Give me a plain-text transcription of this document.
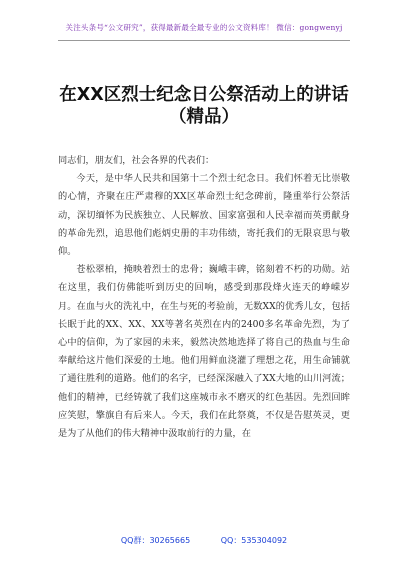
关注头条号“公文研究”，获得最新最全最专业的公文资料库！ 微信：gongwenyj
在XX区烈士纪念日公祭活动上的讲话
（精品）

同志们，朋友们，社会各界的代表们：

今天，是中华人民共和国第十二个烈士纪念日。我们怀着无比崇敬的心情，齐聚在庄严肃穆的XX区革命烈士纪念碑前，隆重举行公祭活动，深切缅怀为民族独立、人民解放、国家富强和人民幸福而英勇献身的革命先烈，追思他们彪炳史册的丰功伟绩，寄托我们的无限哀思与敬仰。

苍松翠柏，掩映着烈士的忠骨；巍峨丰碑，铭刻着不朽的功勋。站在这里，我们仿佛能听到历史的回响，感受到那段烽火连天的峥嵘岁月。在血与火的洗礼中，在生与死的考验前，无数XX的优秀儿女，包括长眠于此的XX、XX、XX等著名英烈在内的2400多名革命先烈，为了心中的信仰，为了家园的未来，毅然决然地选择了将自己的热血与生命奉献给这片他们深爱的土地。他们用鲜血浇灌了理想之花，用生命铺就了通往胜利的道路。他们的名字，已经深深融入了XX大地的山川河流；他们的精神，已经铸就了我们这座城市永不磨灭的红色基因。先烈回眸应笑慰，擎旗自有后来人。今天，我们在此祭奠，不仅是告慰英灵，更是为了从他们的伟大精神中汲取前行的力量，在

QQ群：30265665	QQ：535304092
